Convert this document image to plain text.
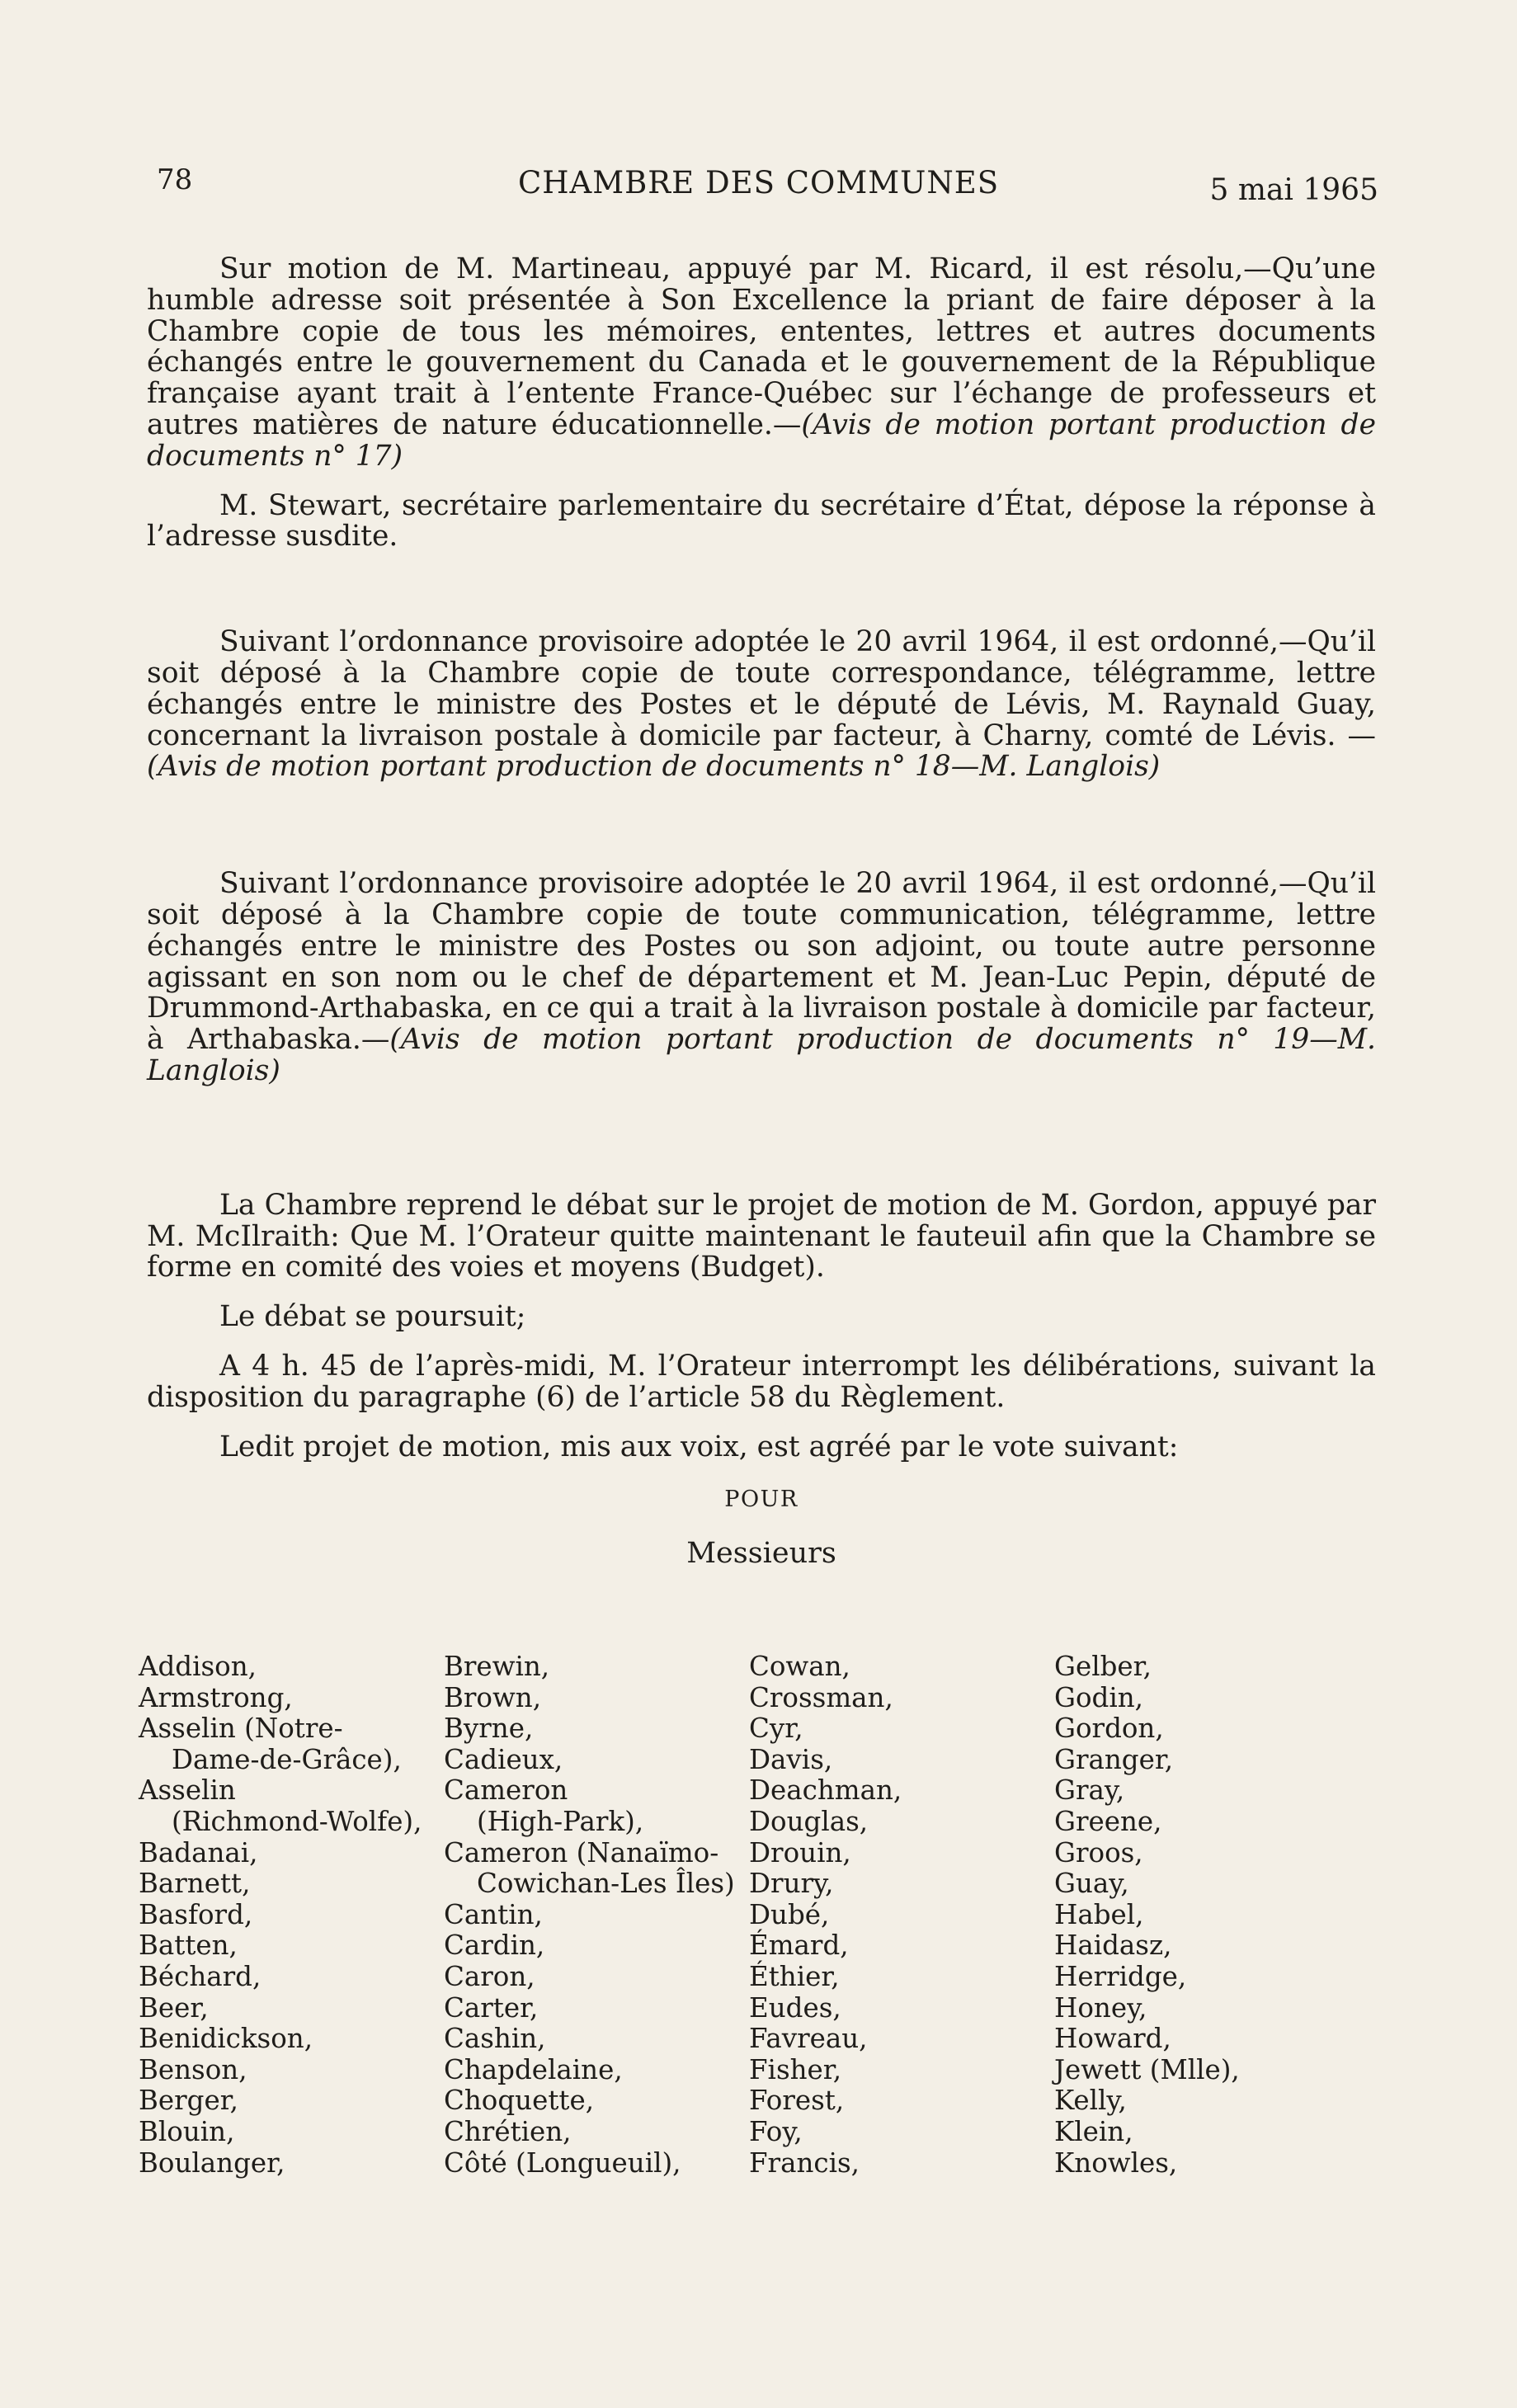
78	CHAMBRE DES COMMUNES	5 mai 1965

Sur motion de M. Martineau, appuyé par M. Ricard, il est résolu,—Qu’une humble adresse soit présentée à Son Excellence la priant de faire déposer à la Chambre copie de tous les mémoires, ententes, lettres et autres documents échangés entre le gouvernement du Canada et le gouvernement de la République française ayant trait à l’entente France-Québec sur l’échange de professeurs et autres matières de nature éducationnelle.—(Avis de motion portant production de documents n° 17)

M. Stewart, secrétaire parlementaire du secrétaire d’État, dépose la réponse à l’adresse susdite.

Suivant l’ordonnance provisoire adoptée le 20 avril 1964, il est ordonné,—Qu’il soit déposé à la Chambre copie de toute correspondance, télégramme, lettre échangés entre le ministre des Postes et le député de Lévis, M. Raynald Guay, concernant la livraison postale à domicile par facteur, à Charny, comté de Lévis. —(Avis de motion portant production de documents n° 18—M. Langlois)

Suivant l’ordonnance provisoire adoptée le 20 avril 1964, il est ordonné,—Qu’il soit déposé à la Chambre copie de toute communication, télégramme, lettre échangés entre le ministre des Postes ou son adjoint, ou toute autre personne agissant en son nom ou le chef de département et M. Jean-Luc Pepin, député de Drummond-Arthabaska, en ce qui a trait à la livraison postale à domicile par facteur, à Arthabaska.—(Avis de motion portant production de documents n° 19—M. Langlois)

La Chambre reprend le débat sur le projet de motion de M. Gordon, appuyé par M. McIlraith: Que M. l’Orateur quitte maintenant le fauteuil afin que la Chambre se forme en comité des voies et moyens (Budget).

Le débat se poursuit;

A 4 h. 45 de l’après-midi, M. l’Orateur interrompt les délibérations, suivant la disposition du paragraphe (6) de l’article 58 du Règlement.

Ledit projet de motion, mis aux voix, est agréé par le vote suivant:

POUR

Messieurs

Addison,
Armstrong,
Asselin (Notre-
Dame-de-Grâce),
Asselin
(Richmond-Wolfe),
Badanai,
Barnett,
Basford,
Batten,
Béchard,
Beer,
Benidickson,
Benson,
Berger,
Blouin,
Boulanger,
Brewin,
Brown,
Byrne,
Cadieux,
Cameron
(High-Park),
Cameron (Nanaïmo-
Cowichan-Les Îles)
Cantin,
Cardin,
Caron,
Carter,
Cashin,
Chapdelaine,
Choquette,
Chrétien,
Côté (Longueuil),
Cowan,
Crossman,
Cyr,
Davis,
Deachman,
Douglas,
Drouin,
Drury,
Dubé,
Émard,
Éthier,
Eudes,
Favreau,
Fisher,
Forest,
Foy,
Francis,
Gelber,
Godin,
Gordon,
Granger,
Gray,
Greene,
Groos,
Guay,
Habel,
Haidasz,
Herridge,
Honey,
Howard,
Jewett (Mlle),
Kelly,
Klein,
Knowles,
